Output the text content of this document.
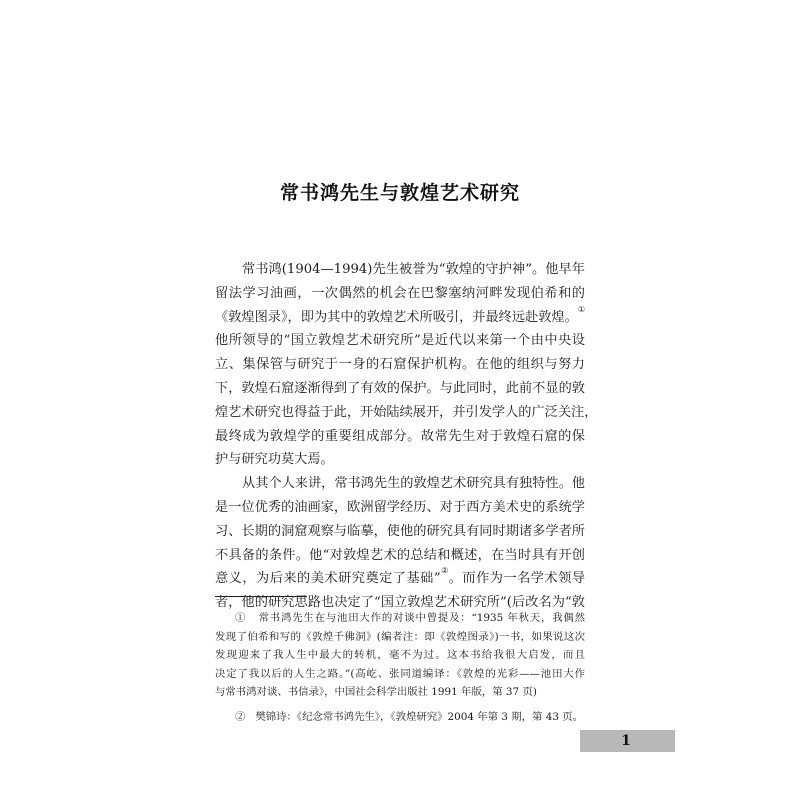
常书鸿先生与敦煌艺术研究
常书鸿(1904—1994)先生被誉为“敦煌的守护神”。他早年
留法学习油画，一次偶然的机会在巴黎塞纳河畔发现伯希和的
《敦煌图录》，即为其中的敦煌艺术所吸引，并最终远赴敦煌。①
他所领导的“国立敦煌艺术研究所”是近代以来第一个由中央设
立、集保管与研究于一身的石窟保护机构。在他的组织与努力
下，敦煌石窟逐渐得到了有效的保护。与此同时，此前不显的敦
煌艺术研究也得益于此，开始陆续展开，并引发学人的广泛关注，
最终成为敦煌学的重要组成部分。故常先生对于敦煌石窟的保
护与研究功莫大焉。
从其个人来讲，常书鸿先生的敦煌艺术研究具有独特性。他
是一位优秀的油画家，欧洲留学经历、对于西方美术史的系统学
习、长期的洞窟观察与临摹，使他的研究具有同时期诸多学者所
不具备的条件。他“对敦煌艺术的总结和概述，在当时具有开创
意义，为后来的美术研究奠定了基础”②。而作为一名学术领导
者，他的研究思路也决定了“国立敦煌艺术研究所”(后改名为“敦
① 常书鸿先生在与池田大作的对谈中曾提及：“1935 年秋天，我偶然
发现了伯希和写的《敦煌千佛洞》(编者注：即《敦煌图录》)一书，如果说这次
发现迎来了我人生中最大的转机，毫不为过。这本书给我很大启发，而且
决定了我以后的人生之路。”(高屹、张同道编译：《敦煌的光彩——池田大作
与常书鸿对谈、书信录》，中国社会科学出版社 1991 年版，第 37 页)
② 樊锦诗：《纪念常书鸿先生》，《敦煌研究》2004 年第 3 期，第 43 页。
1
